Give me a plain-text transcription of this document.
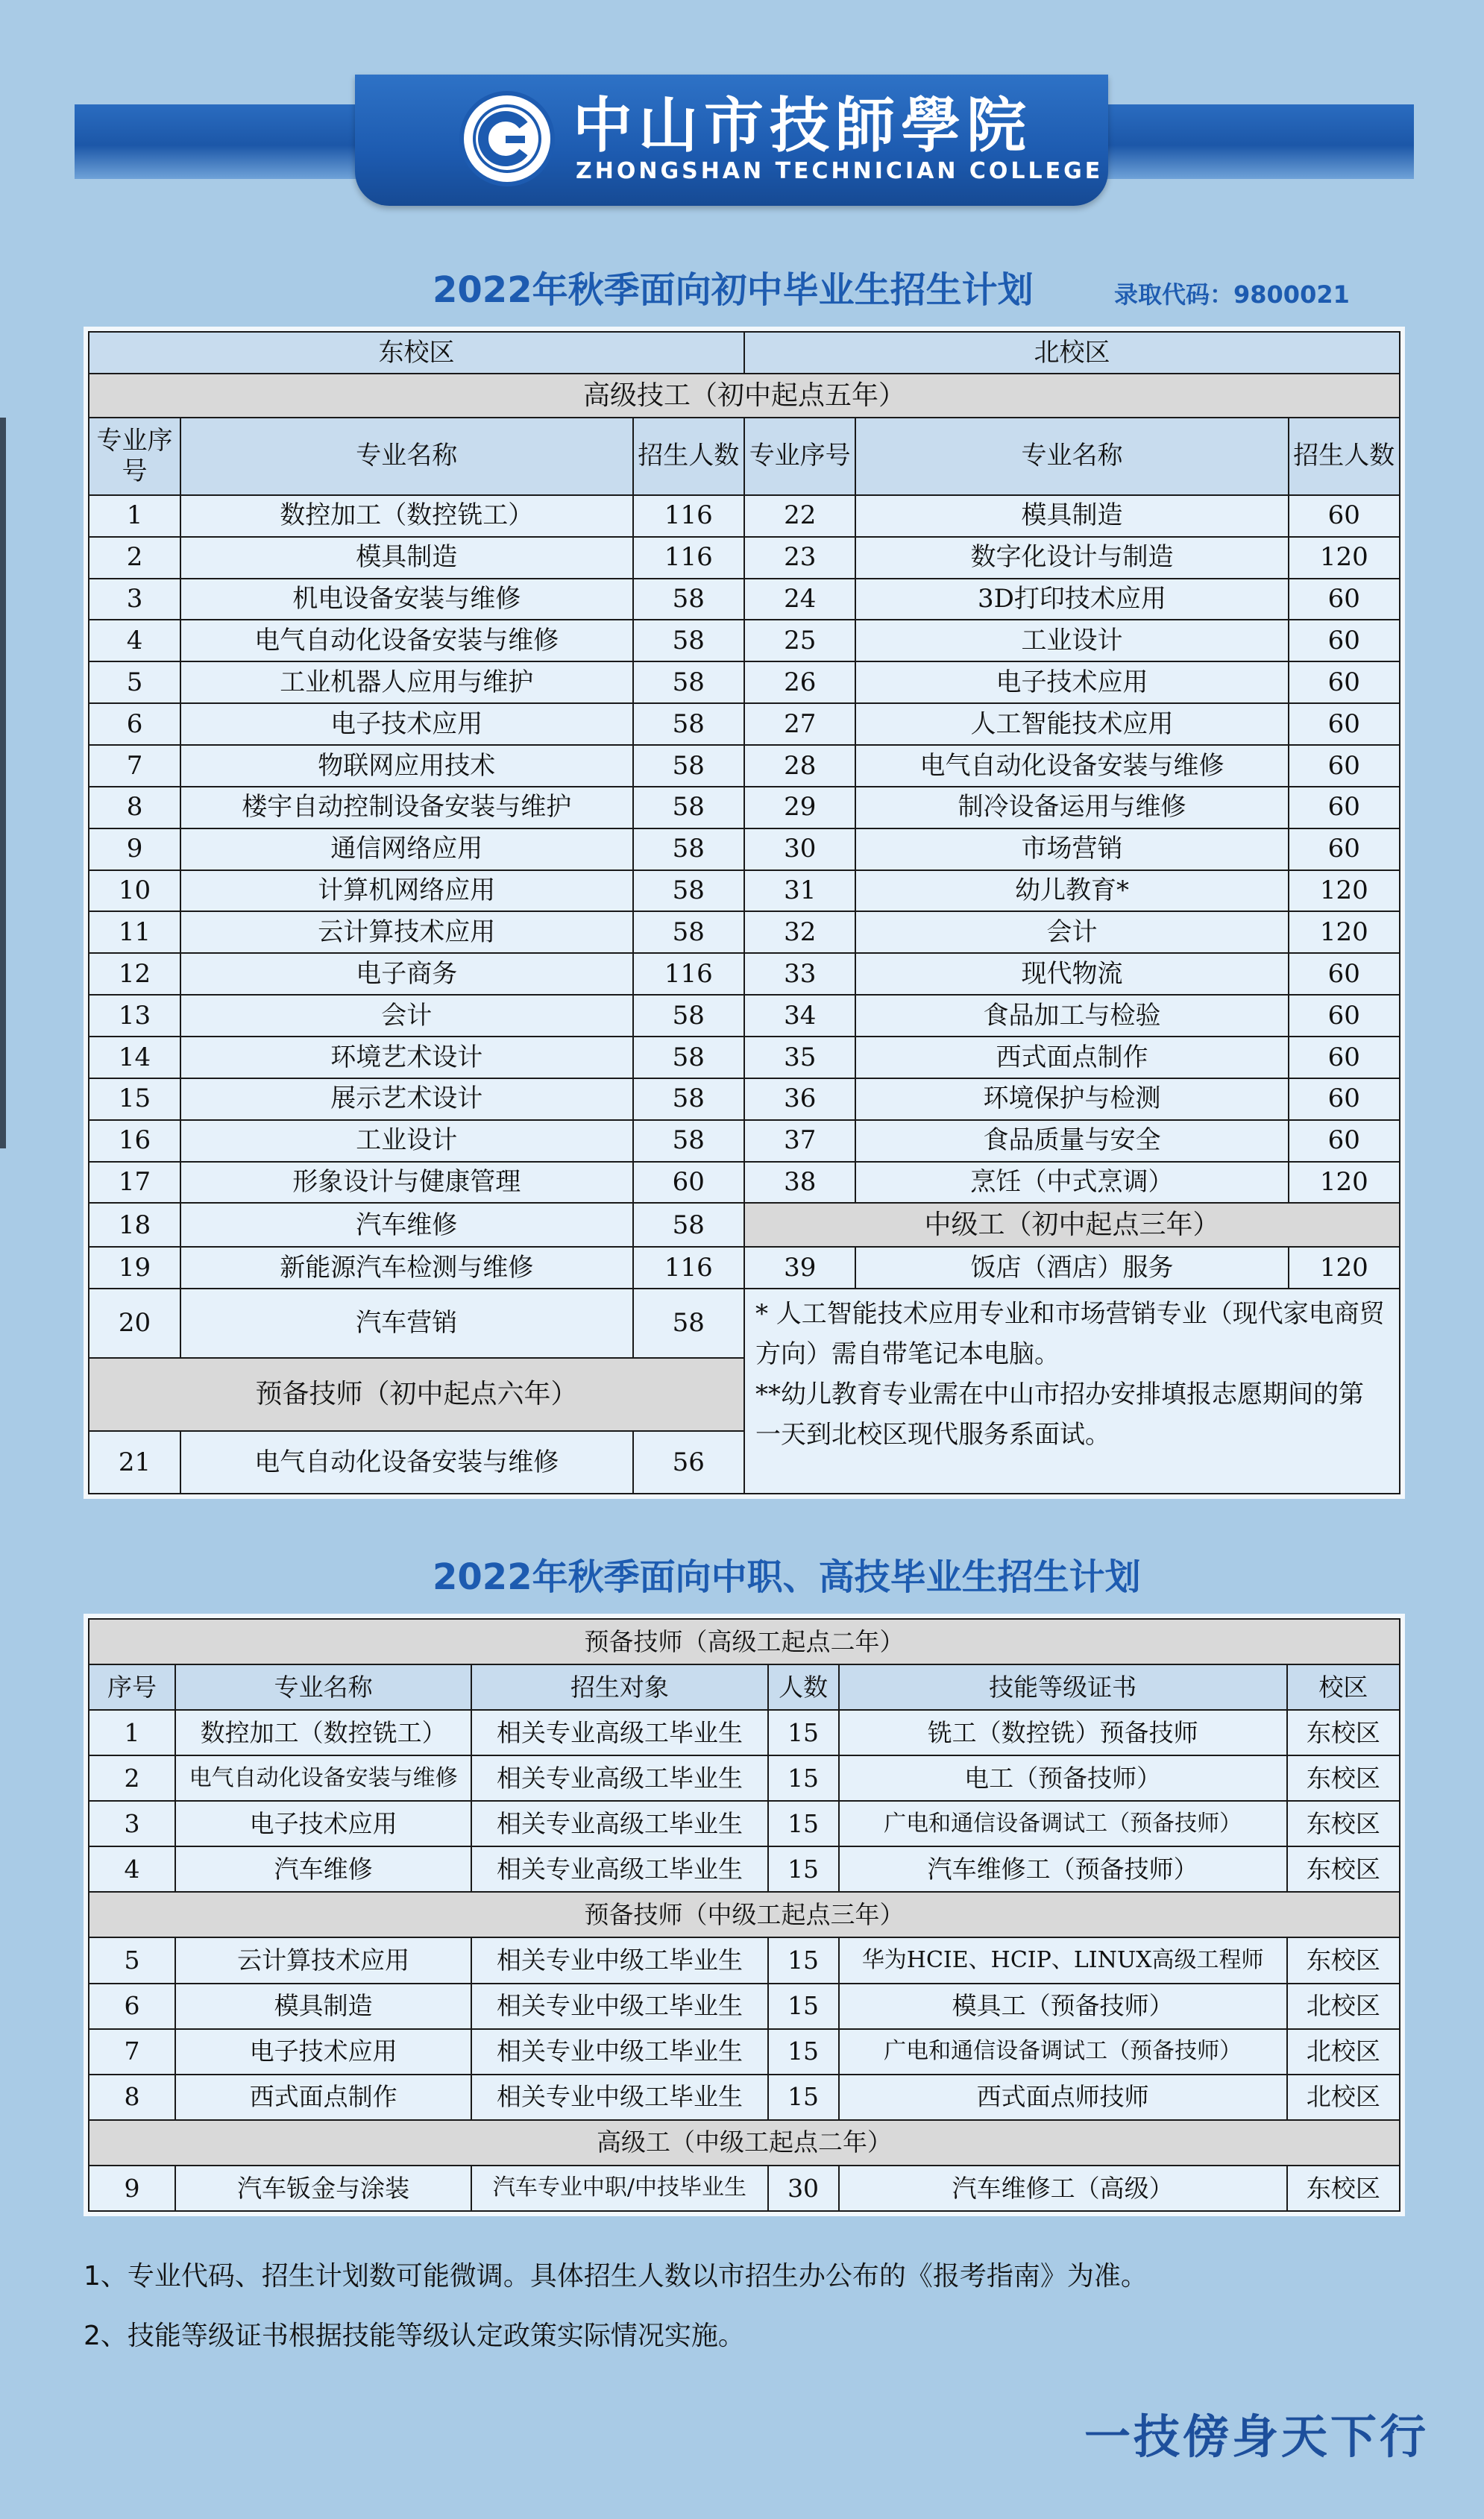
中山市技師學院
ZHONGSHAN TECHNICIAN COLLEGE
2022年秋季面向初中毕业生招生计划	录取代码：9800021
东校区			北校区		
高级技工（初中起点五年）					
专业序号	专业名称	招生人数	专业序号	专业名称	招生人数
1	数控加工（数控铣工）	116	22	模具制造	60
2	模具制造	116	23	数字化设计与制造	120
3	机电设备安装与维修	58	24	3D打印技术应用	60
4	电气自动化设备安装与维修	58	25	工业设计	60
5	工业机器人应用与维护	58	26	电子技术应用	60
6	电子技术应用	58	27	人工智能技术应用	60
7	物联网应用技术	58	28	电气自动化设备安装与维修	60
8	楼宇自动控制设备安装与维护	58	29	制冷设备运用与维修	60
9	通信网络应用	58	30	市场营销	60
10	计算机网络应用	58	31	幼儿教育*	120
11	云计算技术应用	58	32	会计	120
12	电子商务	116	33	现代物流	60
13	会计	58	34	食品加工与检验	60
14	环境艺术设计	58	35	西式面点制作	60
15	展示艺术设计	58	36	环境保护与检测	60
16	工业设计	58	37	食品质量与安全	60
17	形象设计与健康管理	60	38	烹饪（中式烹调）	120
18	汽车维修	58	中级工（初中起点三年）		
19	新能源汽车检测与维修	116	39	饭店（酒店）服务	120
20	汽车营销	58	* 人工智能技术应用专业和市场营销专业（现代家电商贸方向）需自带笔记本电脑。
**幼儿教育专业需在中山市招办安排填报志愿期间的第一天到北校区现代服务系面试。		

预备技师（初中起点六年）					
21	电气自动化设备安装与维修	56			
2022年秋季面向中职、高技毕业生招生计划
预备技师（高级工起点二年）					
序号	专业名称	招生对象	人数	技能等级证书	校区
1	数控加工（数控铣工）	相关专业高级工毕业生	15	铣工（数控铣）预备技师	东校区
2	电气自动化设备安装与维修	相关专业高级工毕业生	15	电工（预备技师）	东校区
3	电子技术应用	相关专业高级工毕业生	15	广电和通信设备调试工（预备技师）	东校区
4	汽车维修	相关专业高级工毕业生	15	汽车维修工（预备技师）	东校区
预备技师（中级工起点三年）					
5	云计算技术应用	相关专业中级工毕业生	15	华为HCIE、HCIP、LINUX高级工程师	东校区
6	模具制造	相关专业中级工毕业生	15	模具工（预备技师）	北校区
7	电子技术应用	相关专业中级工毕业生	15	广电和通信设备调试工（预备技师）	北校区
8	西式面点制作	相关专业中级工毕业生	15	西式面点师技师	北校区
高级工（中级工起点二年）					
9	汽车钣金与涂装	汽车专业中职/中技毕业生	30	汽车维修工（高级）	东校区
1、专业代码、招生计划数可能微调。具体招生人数以市招生办公布的《报考指南》为准。
2、技能等级证书根据技能等级认定政策实际情况实施。
一技傍身天下行
